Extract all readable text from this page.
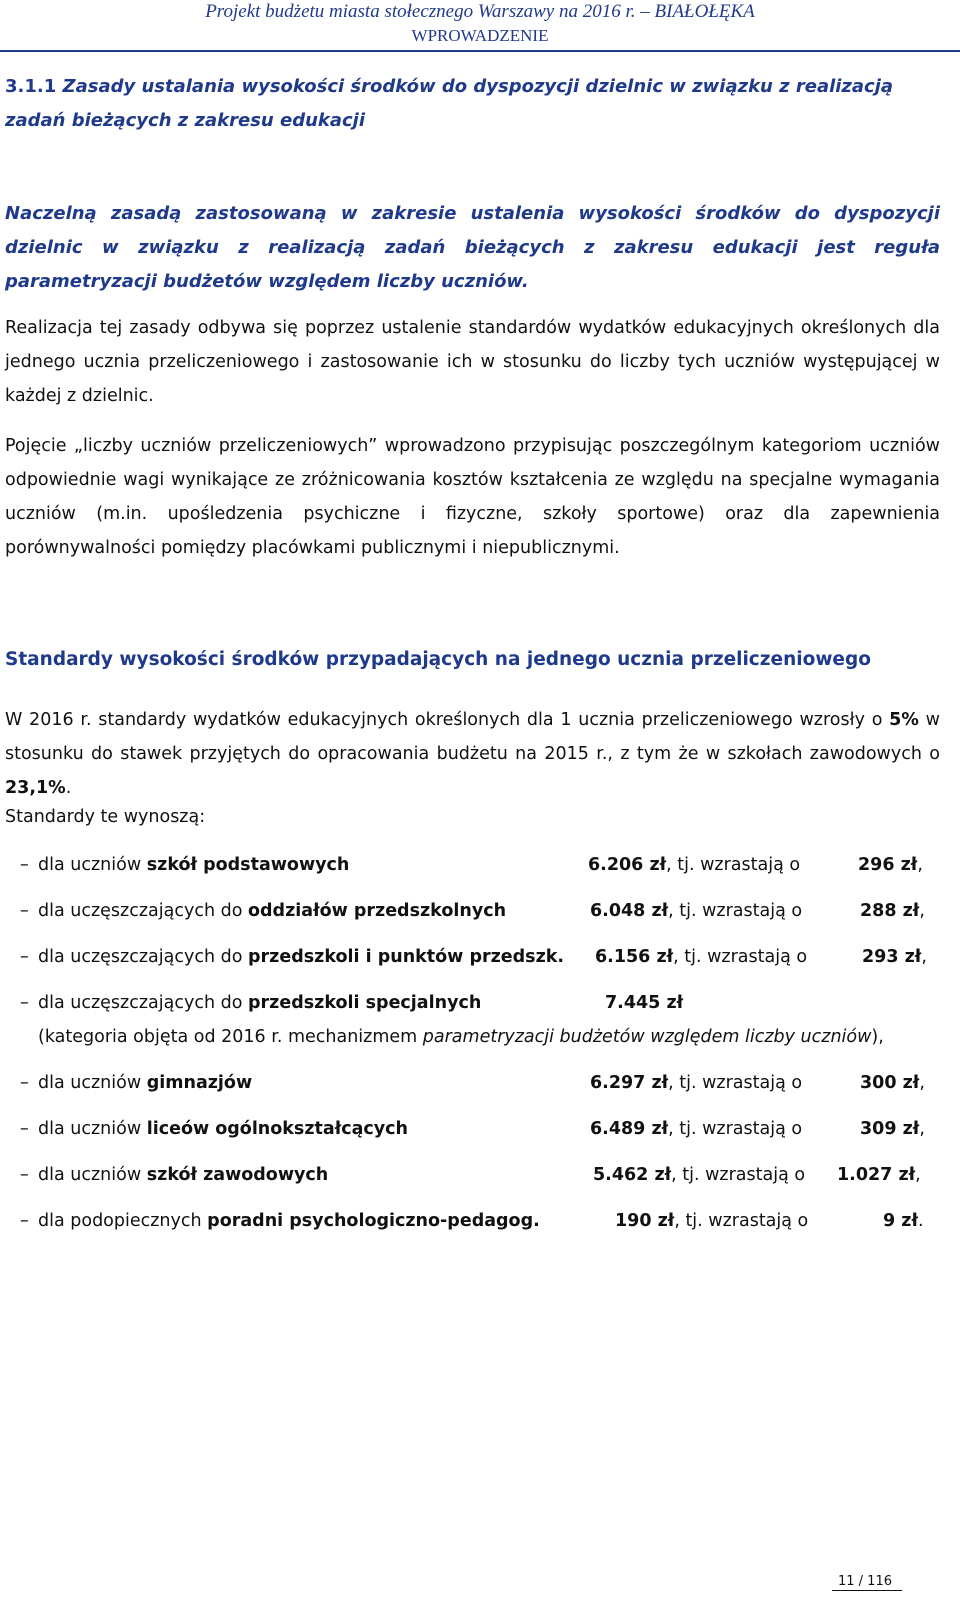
Projekt budżetu miasta stołecznego Warszawy na 2016 r. – BIAŁOŁĘKA
WPROWADZENIE
3.1.1 Zasady ustalania wysokości środków do dyspozycji dzielnic w związku z realizacją zadań bieżących z zakresu edukacji
Naczelną zasadą zastosowaną w zakresie ustalenia wysokości środków do dyspozycji dzielnic w związku z realizacją zadań bieżących z zakresu edukacji jest reguła parametryzacji budżetów względem liczby uczniów.
Realizacja tej zasady odbywa się poprzez ustalenie standardów wydatków edukacyjnych określonych dla jednego ucznia przeliczeniowego i zastosowanie ich w stosunku do liczby tych uczniów występującej w każdej z dzielnic.
Pojęcie „liczby uczniów przeliczeniowych” wprowadzono przypisując poszczególnym kategoriom uczniów odpowiednie wagi wynikające ze zróżnicowania kosztów kształcenia ze względu na specjalne wymagania uczniów (m.in. upośledzenia psychiczne i fizyczne, szkoły sportowe) oraz dla zapewnienia porównywalności pomiędzy placówkami publicznymi i niepublicznymi.
Standardy wysokości środków przypadających na jednego ucznia przeliczeniowego
W 2016 r. standardy wydatków edukacyjnych określonych dla 1 ucznia przeliczeniowego wzrosły o 5% w stosunku do stawek przyjętych do opracowania budżetu na 2015 r., z tym że w szkołach zawodowych o 23,1%.
Standardy te wynoszą:
– dla uczniów szkół podstawowych	6.206 zł, tj. wzrastają o	296 zł,
– dla uczęszczających do oddziałów przedszkolnych	6.048 zł, tj. wzrastają o	288 zł,
– dla uczęszczających do przedszkoli i punktów przedszk. 6.156 zł, tj. wzrastają o	293 zł,
– dla uczęszczających do przedszkoli specjalnych	7.445 zł
(kategoria objęta od 2016 r. mechanizmem parametryzacji budżetów względem liczby uczniów),
– dla uczniów gimnazjów	6.297 zł, tj. wzrastają o	300 zł,
– dla uczniów liceów ogólnokształcących	6.489 zł, tj. wzrastają o	309 zł,
– dla uczniów szkół zawodowych	5.462 zł, tj. wzrastają o 1.027 zł,
– dla podopiecznych poradni psychologiczno-pedagog.	190 zł, tj. wzrastają o	9 zł.
11 / 116
